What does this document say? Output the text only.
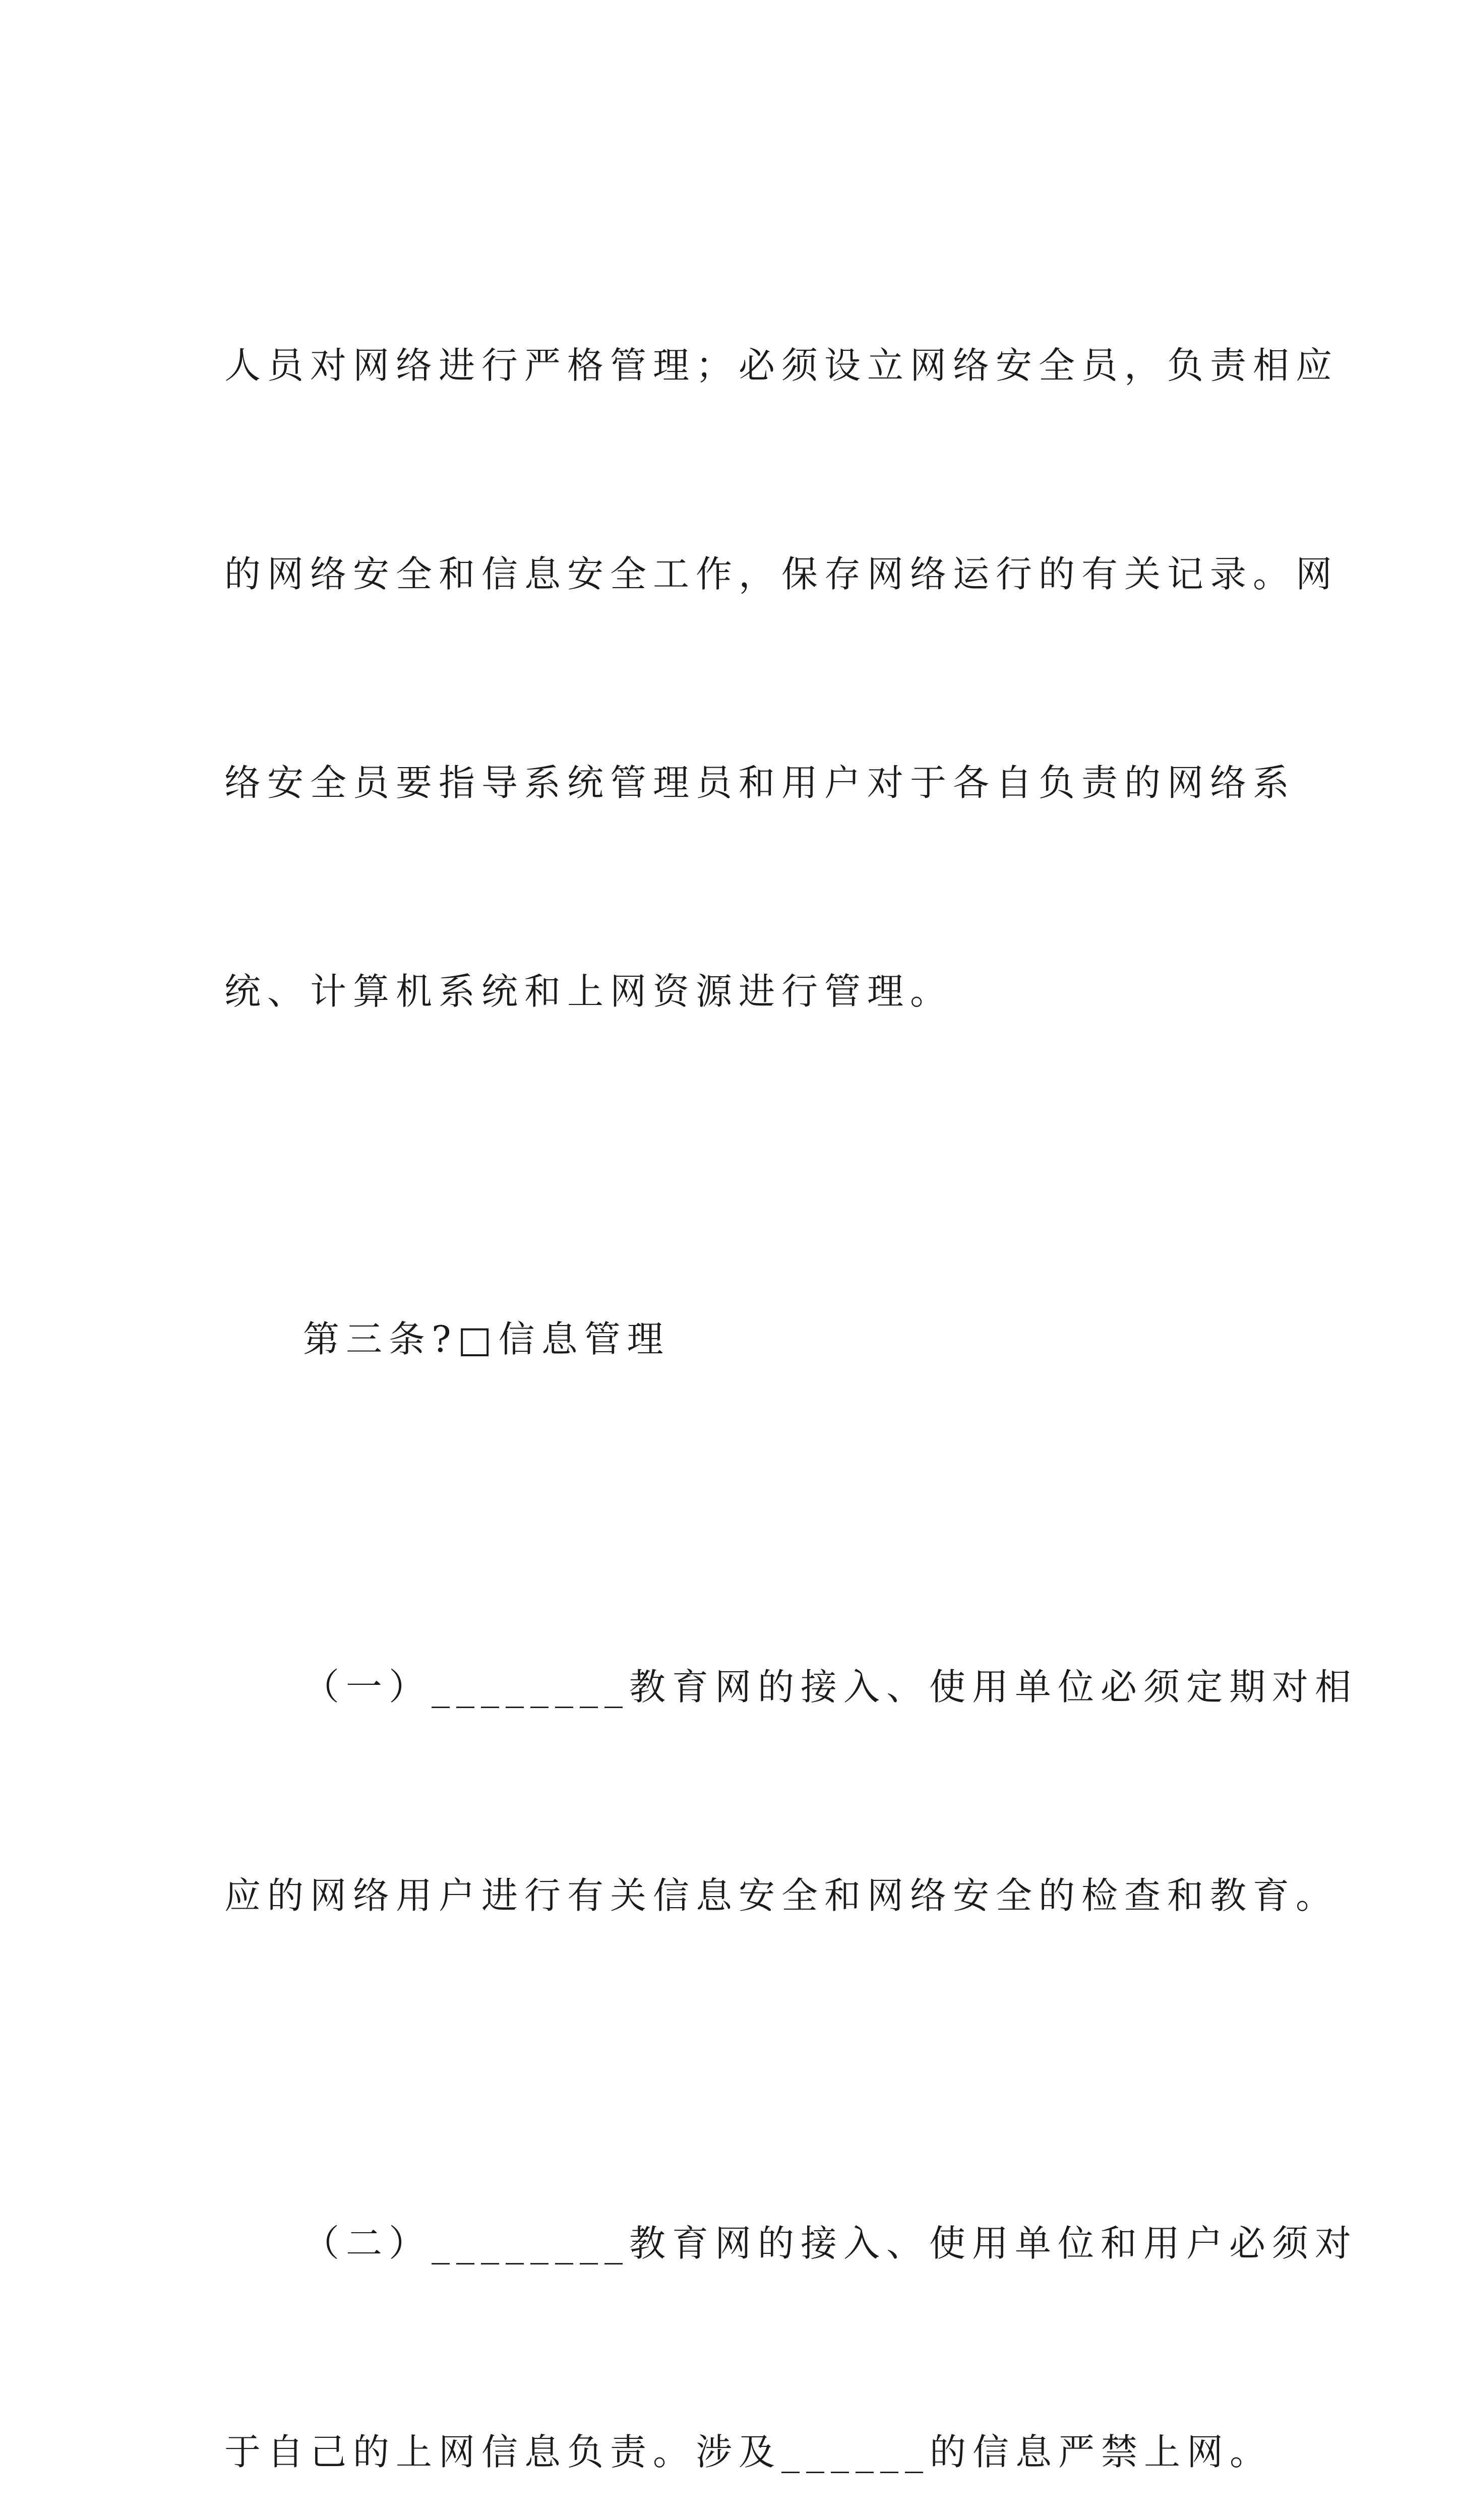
人员对网络进行严格管理；必须设立网络安全员，负责相应

的网络安全和信息安全工作，保存网络运行的有关记录。网

络安全员要指导系统管理员和用户对于各自负责的网络系

统、计算机系统和上网资源进行管理。

第三条?□信息管理

（一）________教育网的接入、使用单位必须定期对相

应的网络用户进行有关信息安全和网络安全的检查和教育。

（二）________教育网的接入、使用单位和用户必须对

于自己的上网信息负责。涉及______的信息严禁上网。
